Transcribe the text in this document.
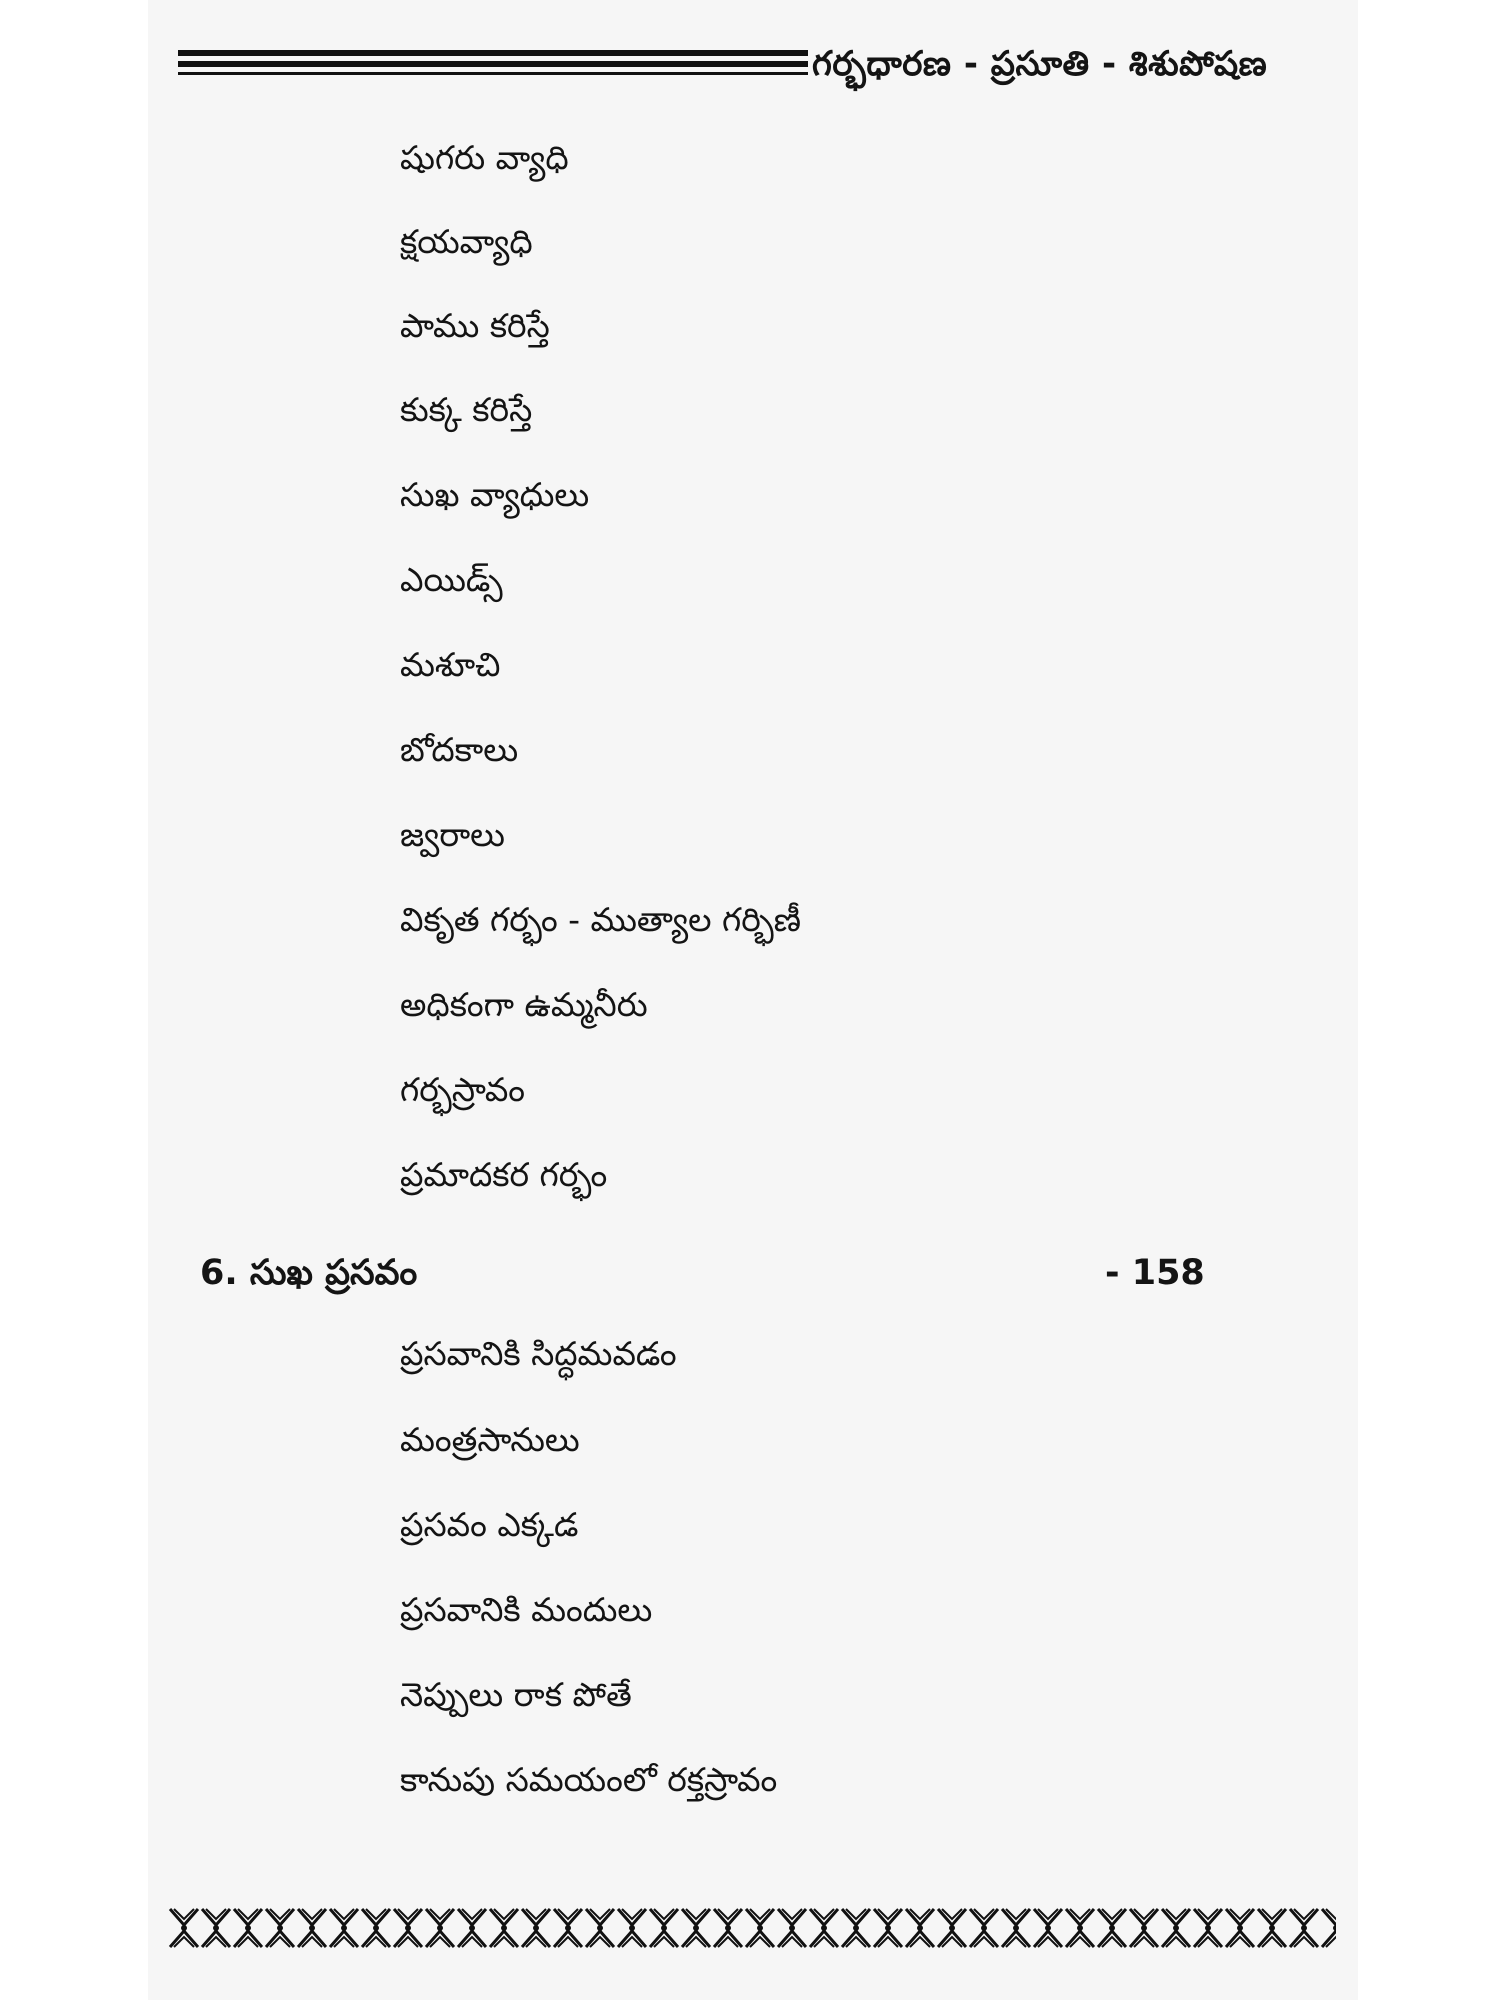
గర్భధారణ - ప్రసూతి - శిశుపోషణ
షుగరు వ్యాధి
క్షయవ్యాధి
పాము కరిస్తే
కుక్క కరిస్తే
సుఖ వ్యాధులు
ఎయిడ్స్
మశూచి
బోదకాలు
జ్వరాలు
వికృత గర్భం - ముత్యాల గర్భిణీ
అధికంగా ఉమ్మనీరు
గర్భస్రావం
ప్రమాదకర గర్భం
6. సుఖ ప్రసవం	- 158
ప్రసవానికి సిద్ధమవడం
మంత్రసానులు
ప్రసవం ఎక్కడ
ప్రసవానికి మందులు
నెప్పులు రాక పోతే
కానుపు సమయంలో రక్తస్రావం
